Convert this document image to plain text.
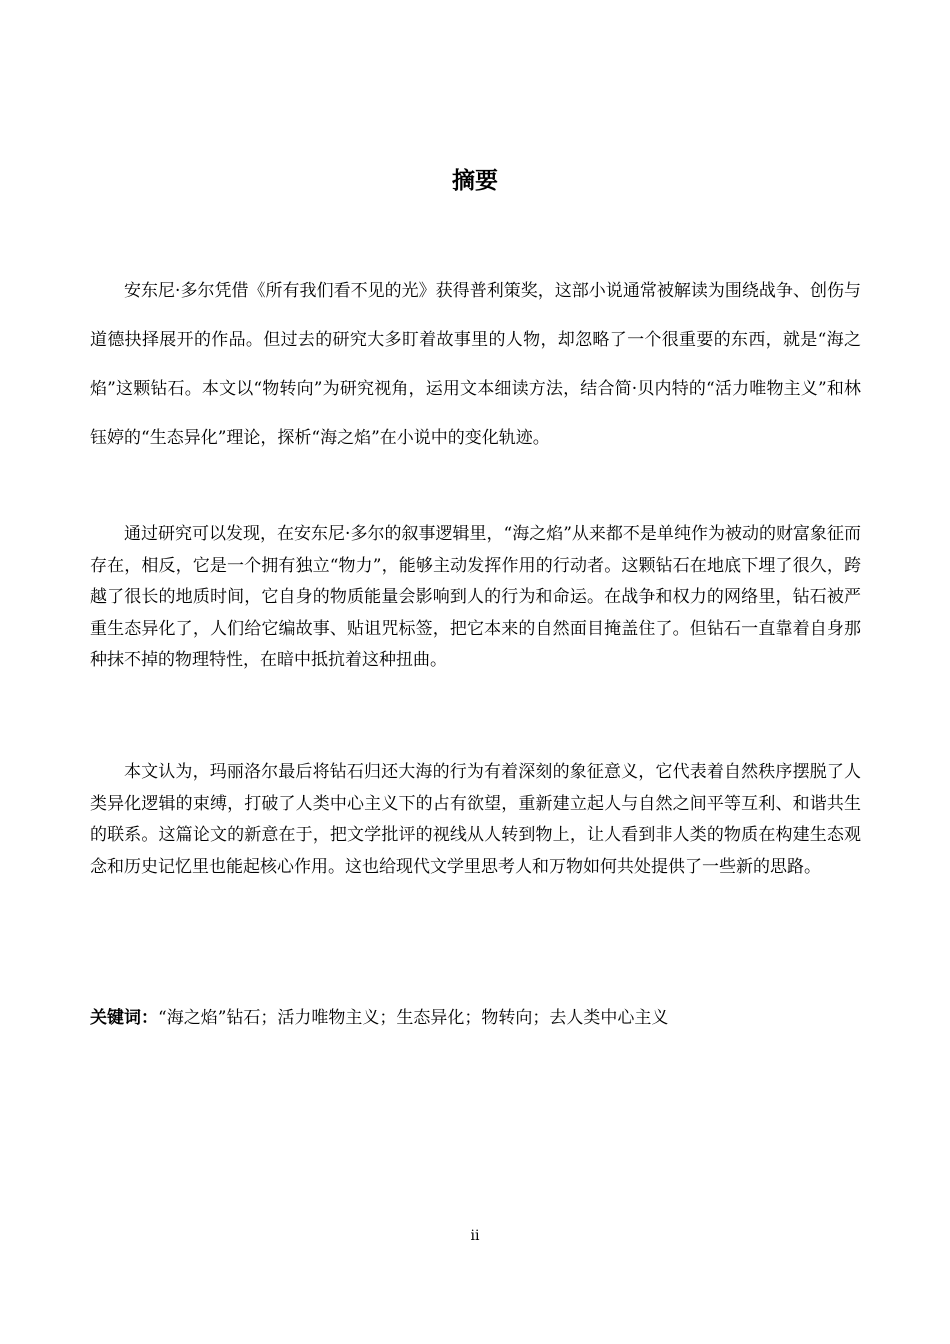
摘要

安东尼·多尔凭借《所有我们看不见的光》获得普利策奖，这部小说通常被解读为围绕战争、创伤与道德抉择展开的作品。但过去的研究大多盯着故事里的人物，却忽略了一个很重要的东西，就是“海之焰”这颗钻石。本文以“物转向”为研究视角，运用文本细读方法，结合简·贝内特的“活力唯物主义”和林钰婷的“生态异化”理论，探析“海之焰”在小说中的变化轨迹。

通过研究可以发现，在安东尼·多尔的叙事逻辑里，“海之焰”从来都不是单纯作为被动的财富象征而存在，相反，它是一个拥有独立“物力”，能够主动发挥作用的行动者。这颗钻石在地底下埋了很久，跨越了很长的地质时间，它自身的物质能量会影响到人的行为和命运。在战争和权力的网络里，钻石被严重生态异化了，人们给它编故事、贴诅咒标签，把它本来的自然面目掩盖住了。但钻石一直靠着自身那种抹不掉的物理特性，在暗中抵抗着这种扭曲。

本文认为，玛丽洛尔最后将钻石归还大海的行为有着深刻的象征意义，它代表着自然秩序摆脱了人类异化逻辑的束缚，打破了人类中心主义下的占有欲望，重新建立起人与自然之间平等互利、和谐共生的联系。这篇论文的新意在于，把文学批评的视线从人转到物上，让人看到非人类的物质在构建生态观念和历史记忆里也能起核心作用。这也给现代文学里思考人和万物如何共处提供了一些新的思路。

关键词：“海之焰”钻石；活力唯物主义；生态异化；物转向；去人类中心主义

ii
